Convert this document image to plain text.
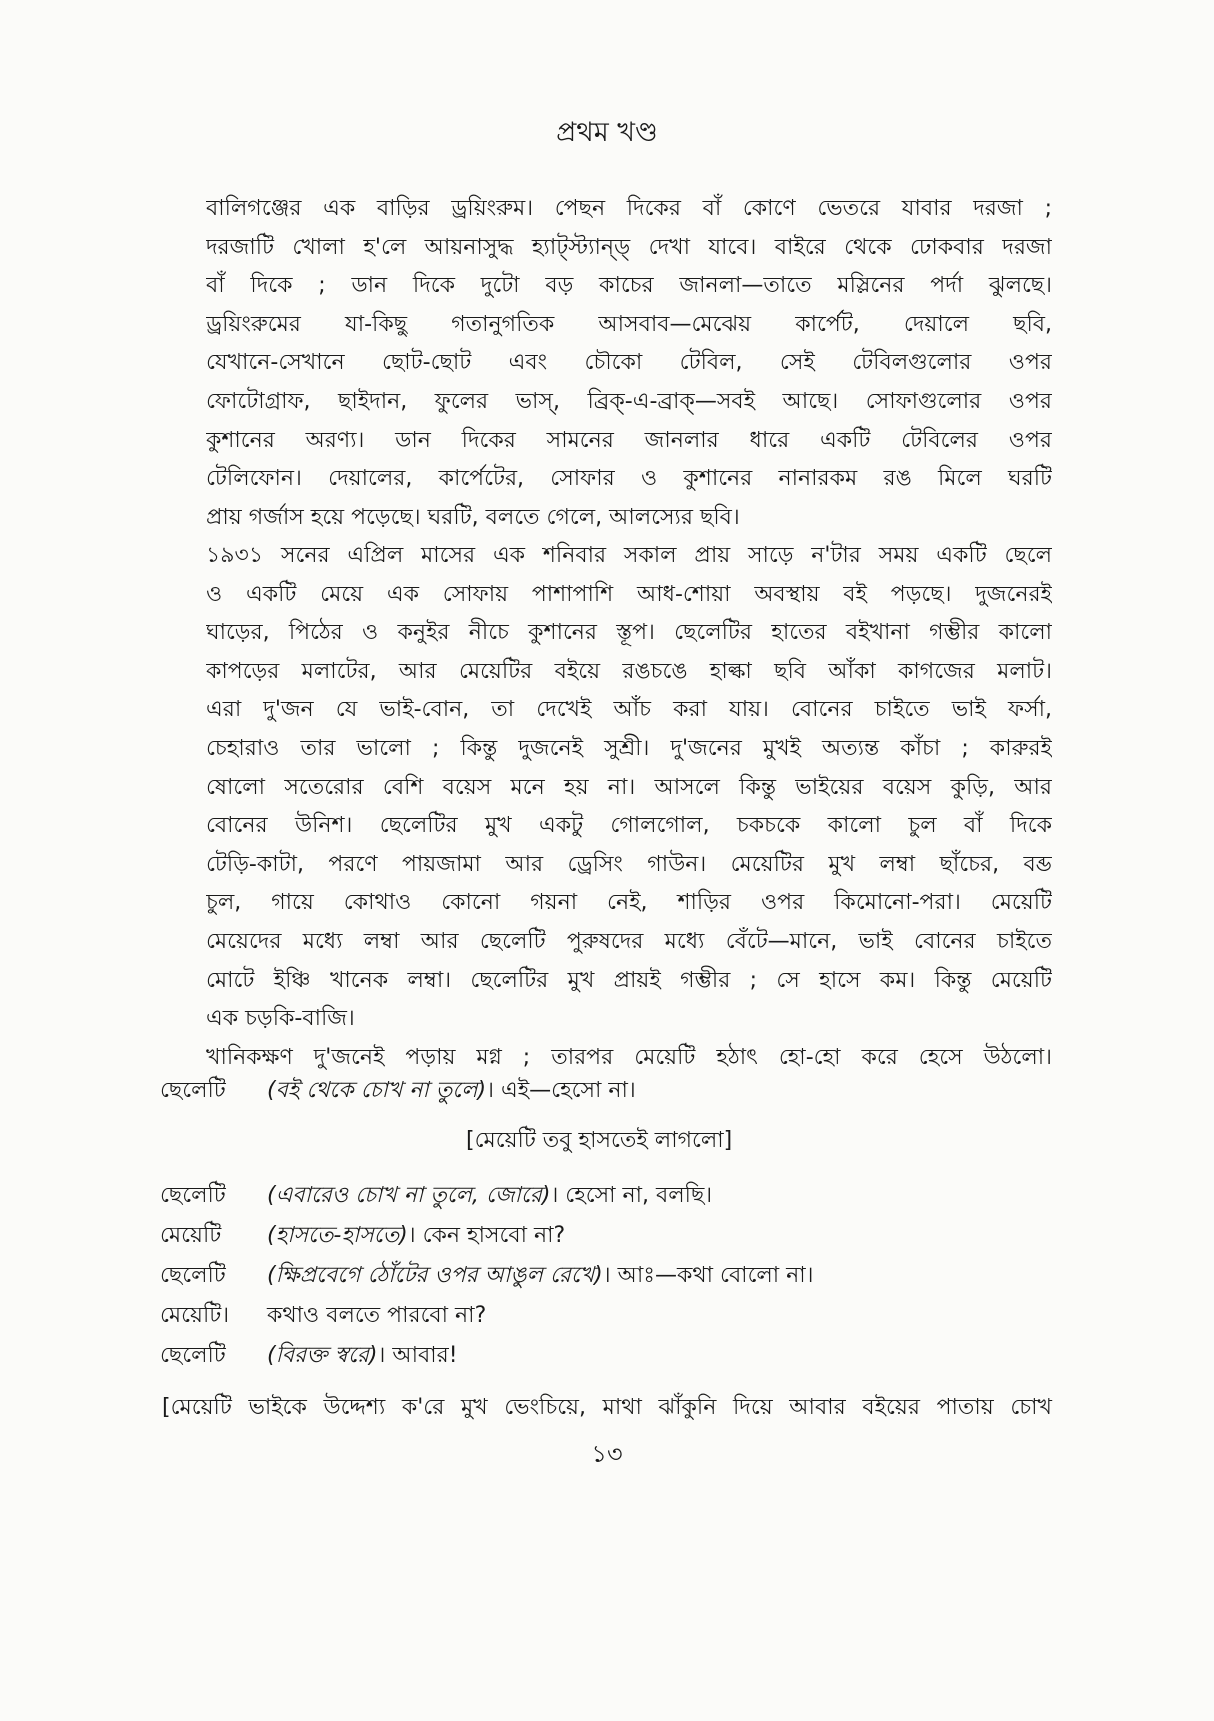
প্রথম খণ্ড
বালিগঞ্জের এক বাড়ির ড্রয়িংরুম। পেছন দিকের বাঁ কোণে ভেতরে যাবার দরজা ;
দরজাটি খোলা হ'লে আয়নাসুদ্ধ হ্যাট্স্ট্যান্ড্ দেখা যাবে। বাইরে থেকে ঢোকবার দরজা
বাঁ দিকে ; ডান দিকে দুটো বড় কাচের জানলা—তাতে মস্লিনের পর্দা ঝুলছে।
ড্রয়িংরুমের যা-কিছু গতানুগতিক আসবাব—মেঝেয় কার্পেট, দেয়ালে ছবি,
যেখানে-সেখানে ছোট-ছোট এবং চৌকো টেবিল, সেই টেবিলগুলোর ওপর
ফোটোগ্রাফ, ছাইদান, ফুলের ভাস্, ব্রিক্-এ-ব্রাক্—সবই আছে। সোফাগুলোর ওপর
কুশানের অরণ্য। ডান দিকের সামনের জানলার ধারে একটি টেবিলের ওপর
টেলিফোন। দেয়ালের, কার্পেটের, সোফার ও কুশানের নানারকম রঙ মিলে ঘরটি
প্রায় গর্জাস হয়ে পড়েছে। ঘরটি, বলতে গেলে, আলস্যের ছবি।
১৯৩১ সনের এপ্রিল মাসের এক শনিবার সকাল প্রায় সাড়ে ন'টার সময় একটি ছেলে
ও একটি মেয়ে এক সোফায় পাশাপাশি আধ-শোয়া অবস্থায় বই পড়ছে। দুজনেরই
ঘাড়ের, পিঠের ও কনুইর নীচে কুশানের স্তূপ। ছেলেটির হাতের বইখানা গম্ভীর কালো
কাপড়ের মলাটের, আর মেয়েটির বইয়ে রঙচঙে হাল্কা ছবি আঁকা কাগজের মলাট।
এরা দু'জন যে ভাই-বোন, তা দেখেই আঁচ করা যায়। বোনের চাইতে ভাই ফর্সা,
চেহারাও তার ভালো ; কিন্তু দুজনেই সুশ্রী। দু'জনের মুখই অত্যন্ত কাঁচা ; কারুরই
ষোলো সতেরোর বেশি বয়েস মনে হয় না। আসলে কিন্তু ভাইয়ের বয়েস কুড়ি, আর
বোনের উনিশ। ছেলেটির মুখ একটু গোলগোল, চকচকে কালো চুল বাঁ দিকে
টেড়ি-কাটা, পরণে পায়জামা আর ড্রেসিং গাউন। মেয়েটির মুখ লম্বা ছাঁচের, বব্ড
চুল, গায়ে কোথাও কোনো গয়না নেই, শাড়ির ওপর কিমোনো-পরা। মেয়েটি
মেয়েদের মধ্যে লম্বা আর ছেলেটি পুরুষদের মধ্যে বেঁটে—মানে, ভাই বোনের চাইতে
মোটে ইঞ্চি খানেক লম্বা। ছেলেটির মুখ প্রায়ই গম্ভীর ; সে হাসে কম। কিন্তু মেয়েটি
এক চড়কি-বাজি।
খানিকক্ষণ দু'জনেই পড়ায় মগ্ন ; তারপর মেয়েটি হঠাৎ হো-হো করে হেসে উঠলো।
ছেলেটি (বই থেকে চোখ না তুলে)। এই—হেসো না।
[মেয়েটি তবু হাসতেই লাগলো]
ছেলেটি (এবারেও চোখ না তুলে, জোরে)। হেসো না, বলছি।
মেয়েটি (হাসতে-হাসতে)। কেন হাসবো না?
ছেলেটি (ক্ষিপ্রবেগে ঠোঁটের ওপর আঙুল রেখে)। আঃ—কথা বোলো না।
মেয়েটি। কথাও বলতে পারবো না?
ছেলেটি (বিরক্ত স্বরে)। আবার!
[মেয়েটি ভাইকে উদ্দেশ্য ক'রে মুখ ভেংচিয়ে, মাথা ঝাঁকুনি দিয়ে আবার বইয়ের পাতায় চোখ
১৩
